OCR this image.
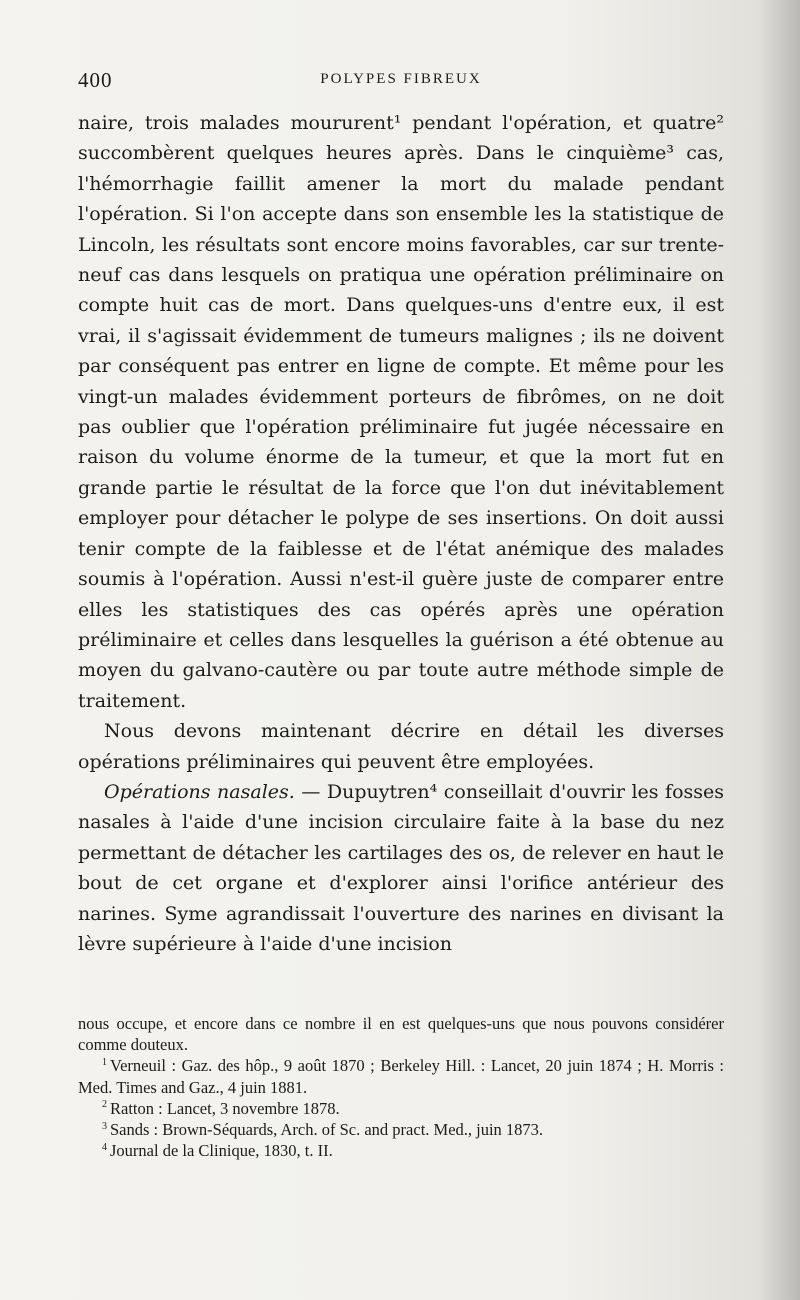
400	POLYPES FIBREUX

naire, trois malades moururent¹ pendant l'opération, et quatre² succombèrent quelques heures après. Dans le cinquième³ cas, l'hémorrhagie faillit amener la mort du malade pendant l'opération. Si l'on accepte dans son ensemble les la statistique de Lincoln, les résultats sont encore moins favorables, car sur trente-neuf cas dans lesquels on pratiqua une opération préliminaire on compte huit cas de mort. Dans quelques-uns d'entre eux, il est vrai, il s'agissait évidemment de tumeurs malignes ; ils ne doivent par conséquent pas entrer en ligne de compte. Et même pour les vingt-un malades évidemment porteurs de fibrômes, on ne doit pas oublier que l'opération préliminaire fut jugée nécessaire en raison du volume énorme de la tumeur, et que la mort fut en grande partie le résultat de la force que l'on dut inévitablement employer pour détacher le polype de ses insertions. On doit aussi tenir compte de la faiblesse et de l'état anémique des malades soumis à l'opération. Aussi n'est-il guère juste de comparer entre elles les statistiques des cas opérés après une opération préliminaire et celles dans lesquelles la guérison a été obtenue au moyen du galvano-cautère ou par toute autre méthode simple de traitement.

Nous devons maintenant décrire en détail les diverses opérations préliminaires qui peuvent être employées.

Opérations nasales. — Dupuytren⁴ conseillait d'ouvrir les fosses nasales à l'aide d'une incision circulaire faite à la base du nez permettant de détacher les cartilages des os, de relever en haut le bout de cet organe et d'explorer ainsi l'orifice antérieur des narines. Syme agrandissait l'ouverture des narines en divisant la lèvre supérieure à l'aide d'une incision

nous occupe, et encore dans ce nombre il en est quelques-uns que nous pouvons considérer comme douteux.

$^1$ Verneuil : Gaz. des hôp., 9 août 1870 ; Berkeley Hill. : Lancet, 20 juin 1874 ; H. Morris : Med. Times and Gaz., 4 juin 1881.

$^2$ Ratton : Lancet, 3 novembre 1878.

$^3$ Sands : Brown-Séquards, Arch. of Sc. and pract. Med., juin 1873.

$^4$ Journal de la Clinique, 1830, t. II.
